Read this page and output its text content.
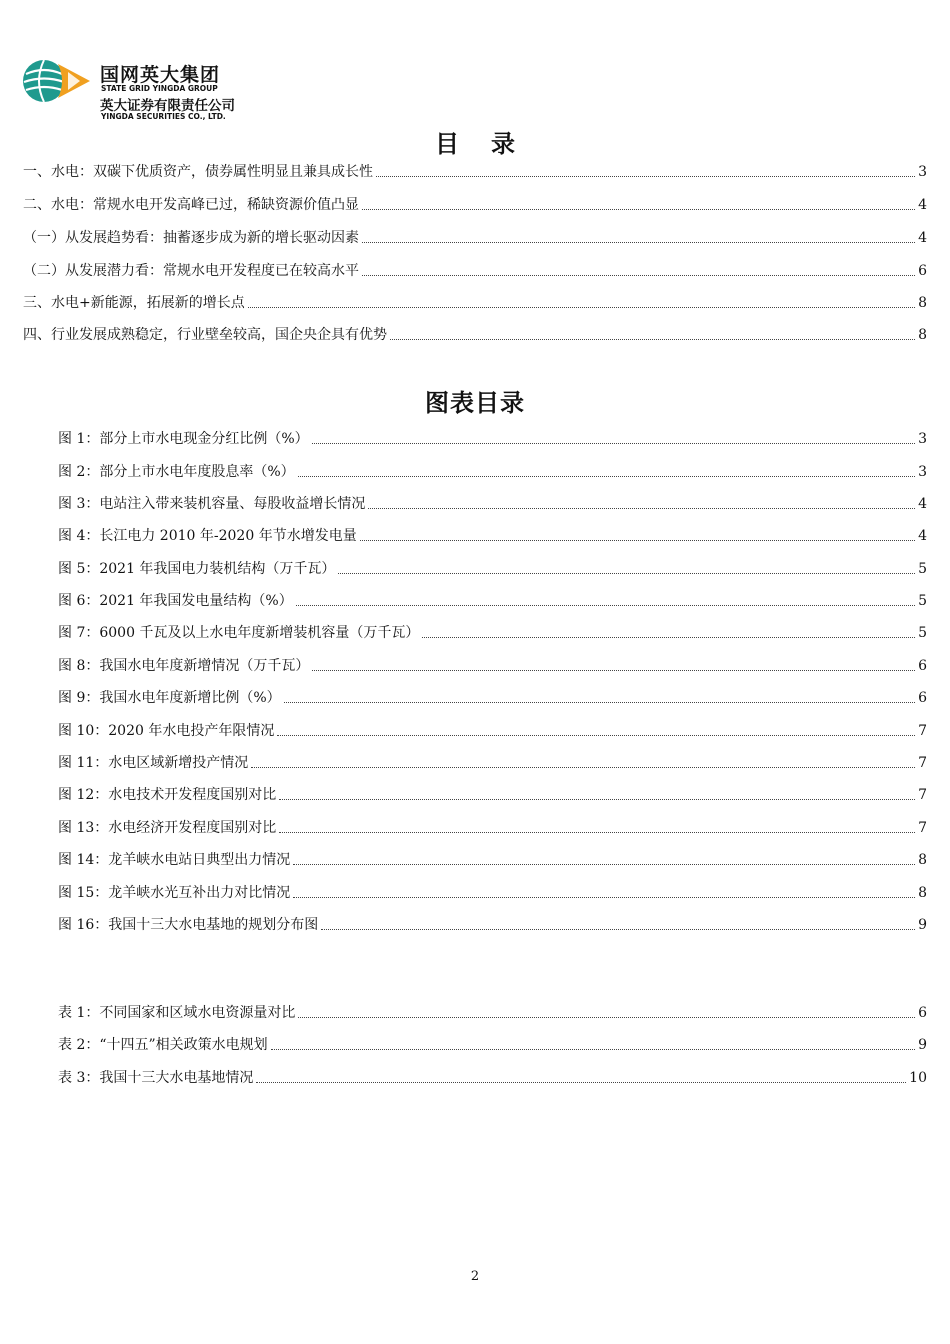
国网英大集团
STATE GRID YINGDA GROUP
英大证券有限责任公司
YINGDA SECURITIES CO., LTD.
目录
一、水电：双碳下优质资产，债券属性明显且兼具成长性	3
二、水电：常规水电开发高峰已过，稀缺资源价值凸显	4
（一）从发展趋势看：抽蓄逐步成为新的增长驱动因素	4
（二）从发展潜力看：常规水电开发程度已在较高水平	6
三、水电+新能源，拓展新的增长点	8
四、行业发展成熟稳定，行业壁垒较高，国企央企具有优势	8
图表目录
图 1：部分上市水电现金分红比例（%）	3
图 2：部分上市水电年度股息率（%）	3
图 3：电站注入带来装机容量、每股收益增长情况	4
图 4：长江电力 2010 年-2020 年节水增发电量	4
图 5：2021 年我国电力装机结构（万千瓦）	5
图 6：2021 年我国发电量结构（%）	5
图 7：6000 千瓦及以上水电年度新增装机容量（万千瓦）	5
图 8：我国水电年度新增情况（万千瓦）	6
图 9：我国水电年度新增比例（%）	6
图 10：2020 年水电投产年限情况	7
图 11：水电区域新增投产情况	7
图 12：水电技术开发程度国别对比	7
图 13：水电经济开发程度国别对比	7
图 14：龙羊峡水电站日典型出力情况	8
图 15：龙羊峡水光互补出力对比情况	8
图 16：我国十三大水电基地的规划分布图	9
表 1：不同国家和区域水电资源量对比	6
表 2：“十四五”相关政策水电规划	9
表 3：我国十三大水电基地情况	10
2
